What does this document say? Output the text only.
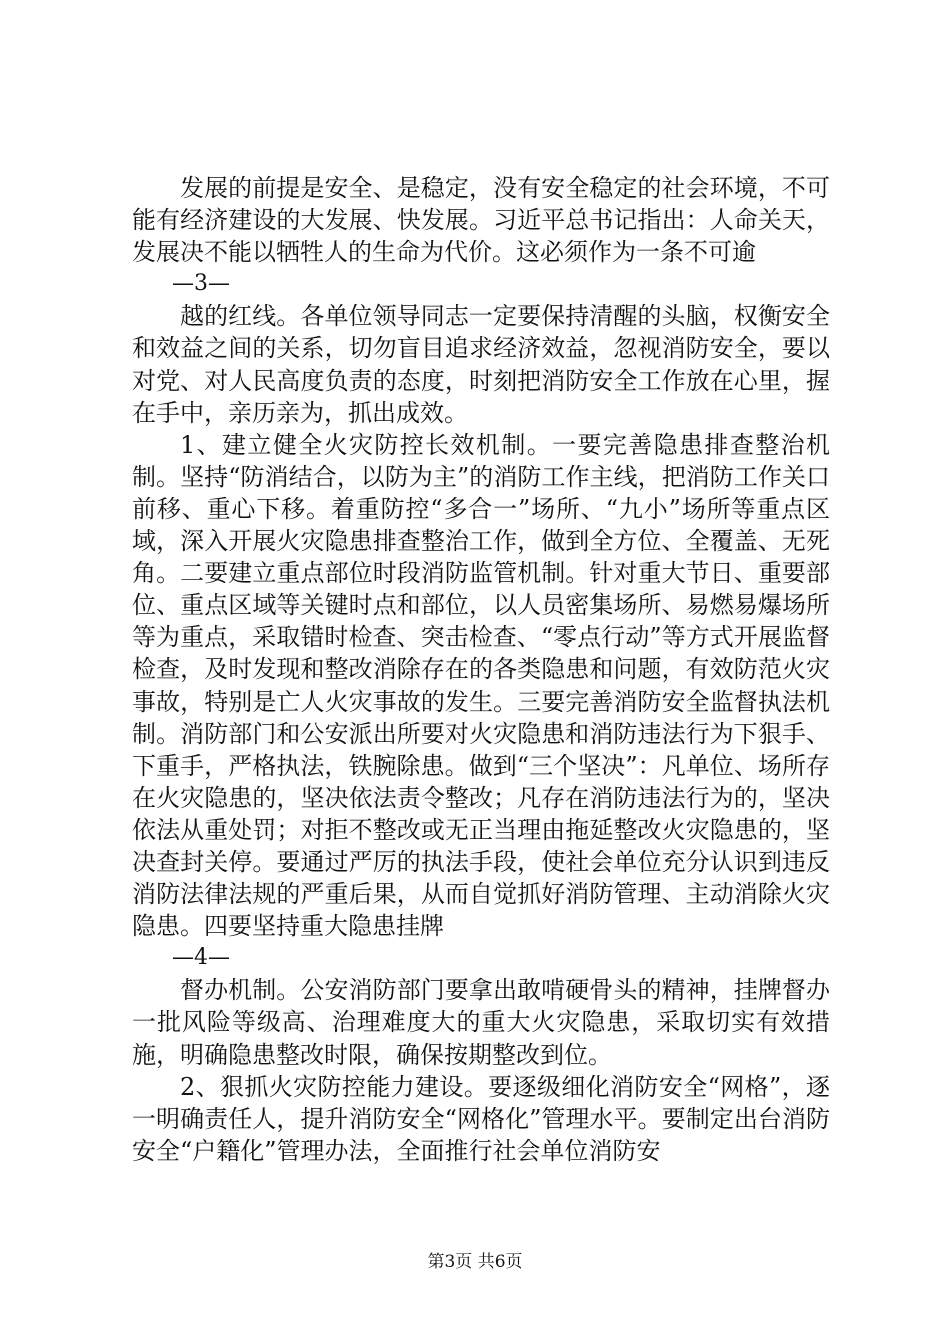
发展的前提是安全、是稳定，没有安全稳定的社会环境，不可能有经济建设的大发展、快发展。习近平总书记指出：人命关天，发展决不能以牺牲人的生命为代价。这必须作为一条不可逾

—3—

越的红线。各单位领导同志一定要保持清醒的头脑，权衡安全和效益之间的关系，切勿盲目追求经济效益，忽视消防安全，要以对党、对人民高度负责的态度，时刻把消防安全工作放在心里，握在手中，亲历亲为，抓出成效。

1、建立健全火灾防控长效机制。一要完善隐患排查整治机制。坚持“防消结合，以防为主”的消防工作主线，把消防工作关口前移、重心下移。着重防控“多合一”场所、“九小”场所等重点区域，深入开展火灾隐患排查整治工作，做到全方位、全覆盖、无死角。二要建立重点部位时段消防监管机制。针对重大节日、重要部位、重点区域等关键时点和部位，以人员密集场所、易燃易爆场所等为重点，采取错时检查、突击检查、“零点行动”等方式开展监督检查，及时发现和整改消除存在的各类隐患和问题，有效防范火灾事故，特别是亡人火灾事故的发生。三要完善消防安全监督执法机制。消防部门和公安派出所要对火灾隐患和消防违法行为下狠手、下重手，严格执法，铁腕除患。做到“三个坚决”：凡单位、场所存在火灾隐患的，坚决依法责令整改；凡存在消防违法行为的，坚决依法从重处罚；对拒不整改或无正当理由拖延整改火灾隐患的，坚决查封关停。要通过严厉的执法手段，使社会单位充分认识到违反消防法律法规的严重后果，从而自觉抓好消防管理、主动消除火灾隐患。四要坚持重大隐患挂牌

—4—

督办机制。公安消防部门要拿出敢啃硬骨头的精神，挂牌督办一批风险等级高、治理难度大的重大火灾隐患，采取切实有效措施，明确隐患整改时限，确保按期整改到位。

2、狠抓火灾防控能力建设。要逐级细化消防安全“网格”，逐一明确责任人，提升消防安全“网格化”管理水平。要制定出台消防安全“户籍化”管理办法，全面推行社会单位消防安

第3页 共6页
